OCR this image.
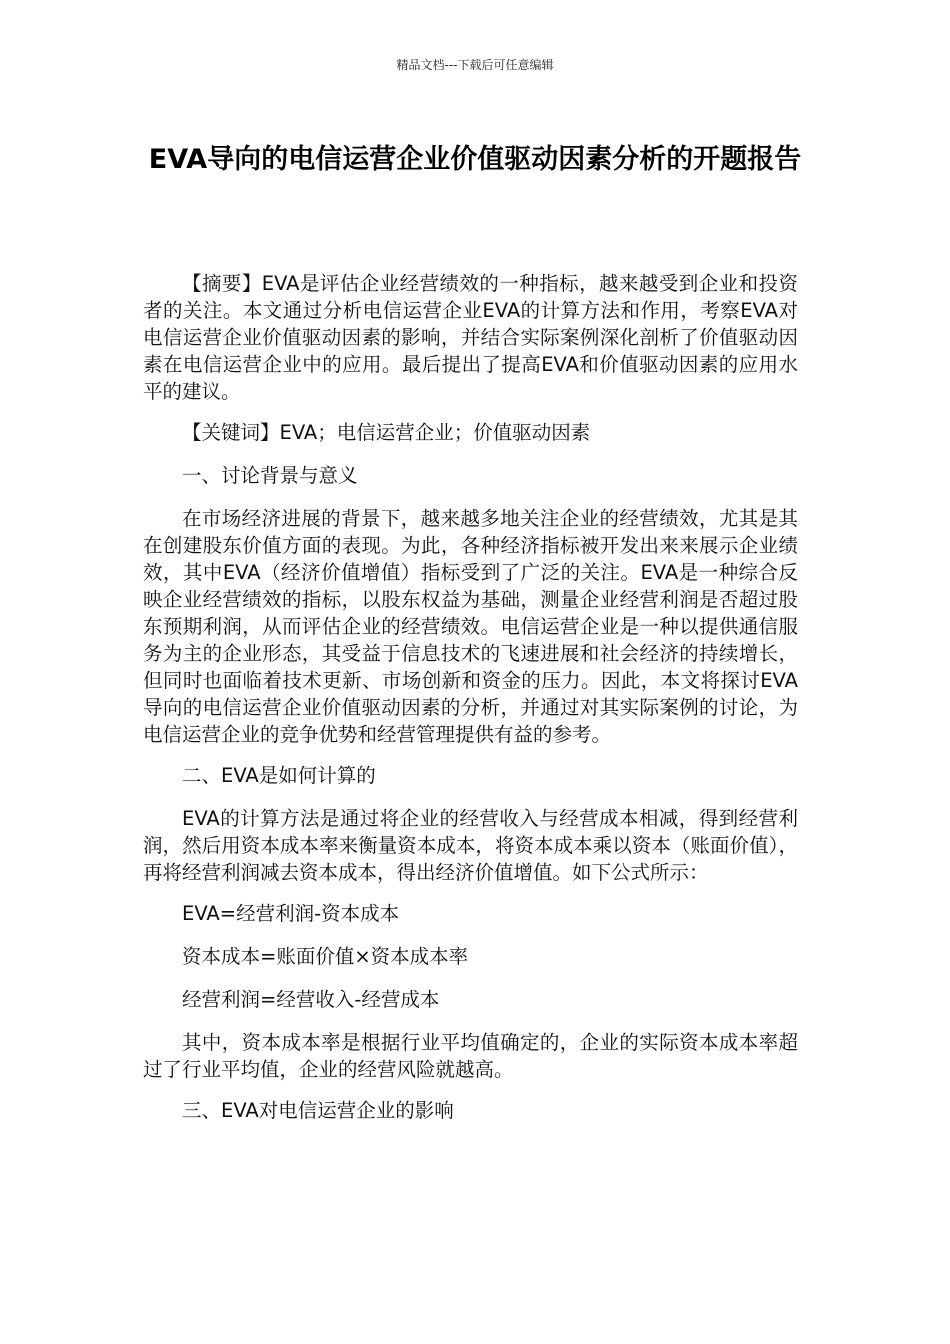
精品文档---下载后可任意编辑
EVA导向的电信运营企业价值驱动因素分析的开题报告

【摘要】EVA是评估企业经营绩效的一种指标，越来越受到企业和投资者的关注。本文通过分析电信运营企业EVA的计算方法和作用，考察EVA对电信运营企业价值驱动因素的影响，并结合实际案例深化剖析了价值驱动因素在电信运营企业中的应用。最后提出了提高EVA和价值驱动因素的应用水平的建议。

【关键词】EVA；电信运营企业；价值驱动因素

一、讨论背景与意义

在市场经济进展的背景下，越来越多地关注企业的经营绩效，尤其是其在创建股东价值方面的表现。为此，各种经济指标被开发出来来展示企业绩效，其中EVA（经济价值增值）指标受到了广泛的关注。EVA是一种综合反映企业经营绩效的指标，以股东权益为基础，测量企业经营利润是否超过股东预期利润，从而评估企业的经营绩效。电信运营企业是一种以提供通信服务为主的企业形态，其受益于信息技术的飞速进展和社会经济的持续增长，但同时也面临着技术更新、市场创新和资金的压力。因此，本文将探讨EVA导向的电信运营企业价值驱动因素的分析，并通过对其实际案例的讨论，为电信运营企业的竞争优势和经营管理提供有益的参考。

二、EVA是如何计算的

EVA的计算方法是通过将企业的经营收入与经营成本相减，得到经营利润，然后用资本成本率来衡量资本成本，将资本成本乘以资本（账面价值），再将经营利润减去资本成本，得出经济价值增值。如下公式所示：

EVA=经营利润-资本成本

资本成本=账面价值×资本成本率

经营利润=经营收入-经营成本

其中，资本成本率是根据行业平均值确定的，企业的实际资本成本率超过了行业平均值，企业的经营风险就越高。

三、EVA对电信运营企业的影响
